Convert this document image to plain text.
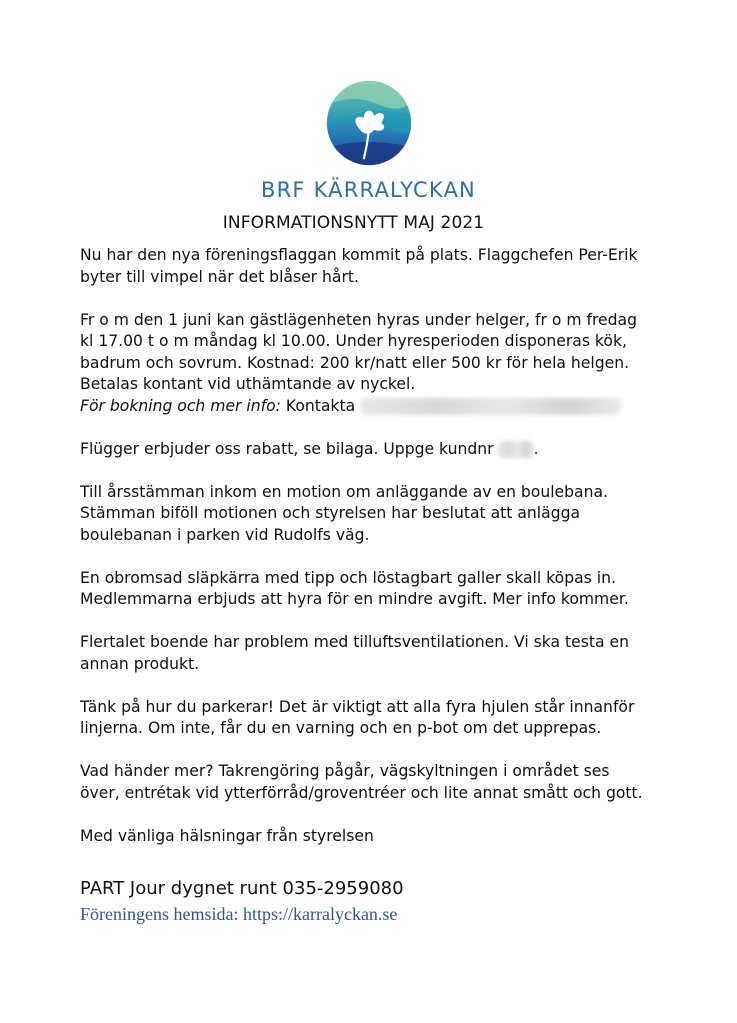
BRF KÄRRALYCKAN
INFORMATIONSNYTT MAJ 2021

Nu har den nya föreningsflaggan kommit på plats. Flaggchefen Per-Erik
byter till vimpel när det blåser hårt.

Fr o m den 1 juni kan gästlägenheten hyras under helger, fr o m fredag
kl 17.00 t o m måndag kl 10.00. Under hyresperioden disponeras kök,
badrum och sovrum. Kostnad: 200 kr/natt eller 500 kr för hela helgen.
Betalas kontant vid uthämtande av nyckel.
För bokning och mer info: Kontakta

Flügger erbjuder oss rabatt, se bilaga. Uppge kundnr	.

Till årsstämman inkom en motion om anläggande av en boulebana.
Stämman biföll motionen och styrelsen har beslutat att anlägga
boulebanan i parken vid Rudolfs väg.

En obromsad släpkärra med tipp och löstagbart galler skall köpas in.
Medlemmarna erbjuds att hyra för en mindre avgift. Mer info kommer.

Flertalet boende har problem med tilluftsventilationen. Vi ska testa en
annan produkt.

Tänk på hur du parkerar! Det är viktigt att alla fyra hjulen står innanför
linjerna. Om inte, får du en varning och en p-bot om det upprepas.

Vad händer mer? Takrengöring pågår, vägskyltningen i området ses
över, entrétak vid ytterförråd/groventréer och lite annat smått och gott.

Med vänliga hälsningar från styrelsen

PART Jour dygnet runt 035-2959080
Föreningens hemsida: https://karralyckan.se
